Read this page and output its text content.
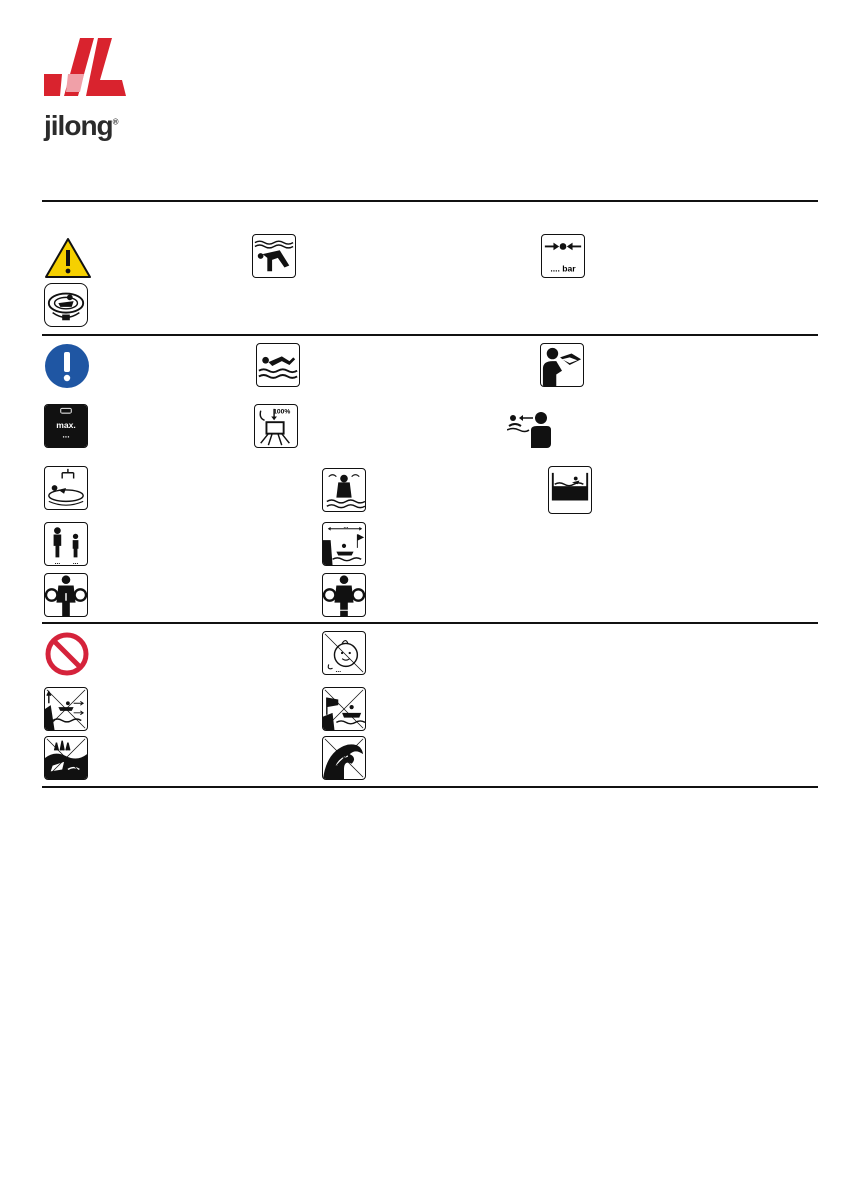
jilong®
.... bar
max.
...
100%
... ...
...
...
